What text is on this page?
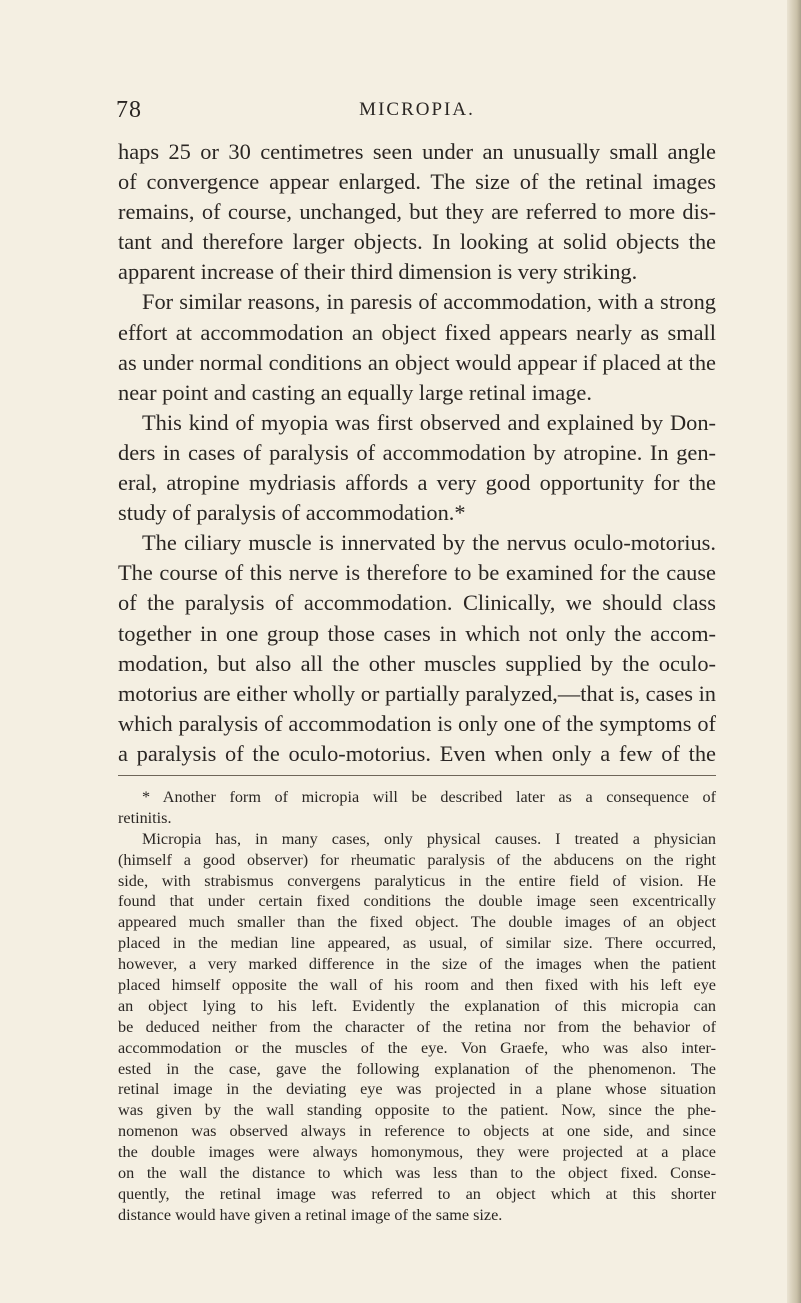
78	MICROPIA.
haps 25 or 30 centimetres seen under an unusually small angle
of convergence appear enlarged. The size of the retinal images
remains, of course, unchanged, but they are referred to more dis-
tant and therefore larger objects. In looking at solid objects the
apparent increase of their third dimension is very striking.
For similar reasons, in paresis of accommodation, with a strong
effort at accommodation an object fixed appears nearly as small
as under normal conditions an object would appear if placed at the
near point and casting an equally large retinal image.
This kind of myopia was first observed and explained by Don-
ders in cases of paralysis of accommodation by atropine. In gen-
eral, atropine mydriasis affords a very good opportunity for the
study of paralysis of accommodation.*
The ciliary muscle is innervated by the nervus oculo-motorius.
The course of this nerve is therefore to be examined for the cause
of the paralysis of accommodation. Clinically, we should class
together in one group those cases in which not only the accom-
modation, but also all the other muscles supplied by the oculo-
motorius are either wholly or partially paralyzed,—that is, cases in
which paralysis of accommodation is only one of the symptoms of
a paralysis of the oculo-motorius. Even when only a few of the
* Another form of micropia will be described later as a consequence of
retinitis.
Micropia has, in many cases, only physical causes. I treated a physician
(himself a good observer) for rheumatic paralysis of the abducens on the right
side, with strabismus convergens paralyticus in the entire field of vision. He
found that under certain fixed conditions the double image seen excentrically
appeared much smaller than the fixed object. The double images of an object
placed in the median line appeared, as usual, of similar size. There occurred,
however, a very marked difference in the size of the images when the patient
placed himself opposite the wall of his room and then fixed with his left eye
an object lying to his left. Evidently the explanation of this micropia can
be deduced neither from the character of the retina nor from the behavior of
accommodation or the muscles of the eye. Von Graefe, who was also inter-
ested in the case, gave the following explanation of the phenomenon. The
retinal image in the deviating eye was projected in a plane whose situation
was given by the wall standing opposite to the patient. Now, since the phe-
nomenon was observed always in reference to objects at one side, and since
the double images were always homonymous, they were projected at a place
on the wall the distance to which was less than to the object fixed. Conse-
quently, the retinal image was referred to an object which at this shorter
distance would have given a retinal image of the same size.
